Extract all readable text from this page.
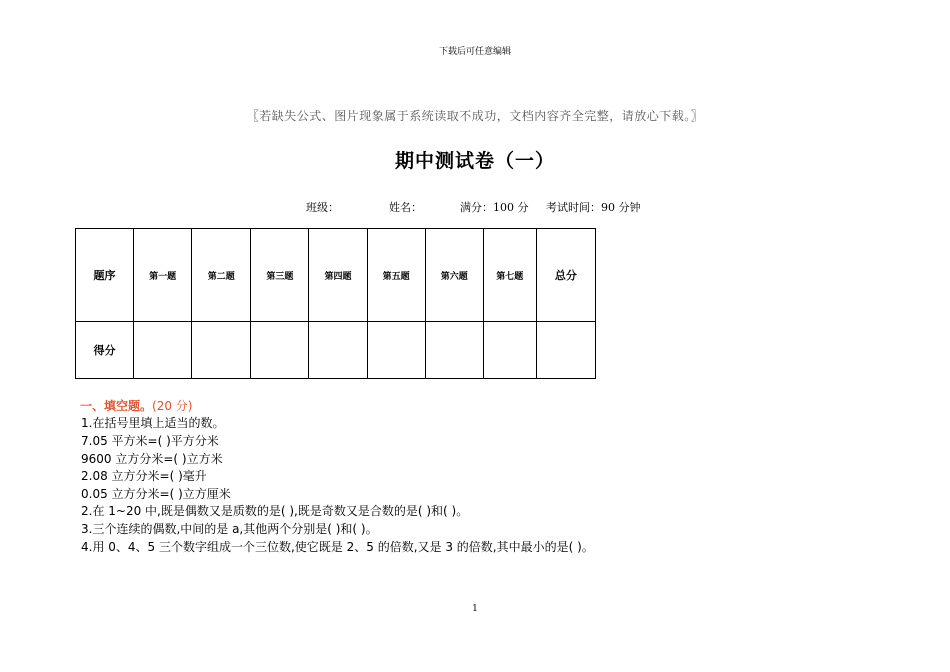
下载后可任意编辑
〖若缺失公式、图片现象属于系统读取不成功，文档内容齐全完整，请放心下载。〗
期中测试卷（一）
班级：	姓名：	满分：100 分 考试时间：90 分钟
题序	第一题	第二题	第三题	第四题	第五题	第六题	第七题	总分
得分								
一、填空题。(20 分)
1.在括号里填上适当的数。
7.05 平方米=( )平方分米
9600 立方分米=( )立方米
2.08 立方分米=( )毫升
0.05 立方分米=( )立方厘米
2.在 1~20 中,既是偶数又是质数的是( ),既是奇数又是合数的是( )和( )。
3.三个连续的偶数,中间的是 a,其他两个分别是( )和( )。
4.用 0、4、5 三个数字组成一个三位数,使它既是 2、5 的倍数,又是 3 的倍数,其中最小的是( )。
1
